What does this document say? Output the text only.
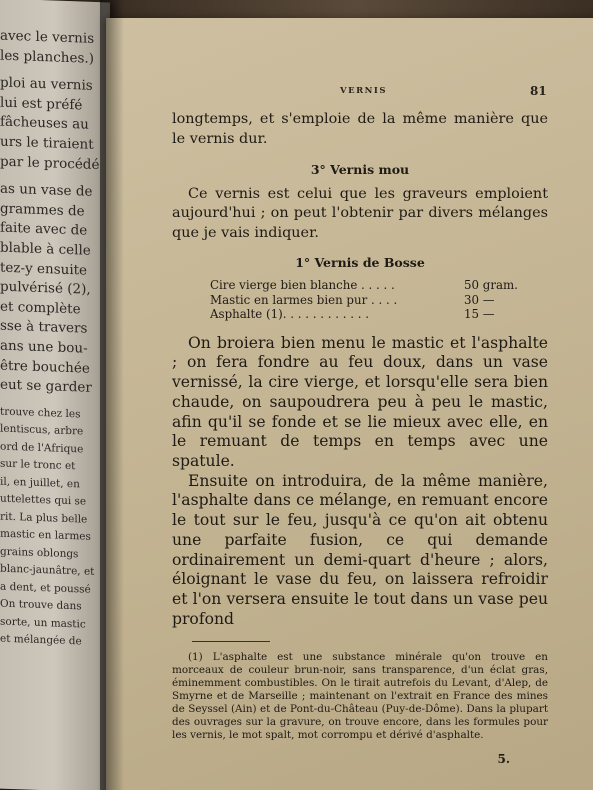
avec le vernis
les planches.)
ploi au vernis
lui est préfé
fâcheuses au
urs le tiraient
par le procédé
as un vase de
grammes de
faite avec de
blable à celle
tez-y ensuite
pulvérisé (2),
et complète
sse à travers
ans une bou-
être bouchée
eut se garder
trouve chez les
lentiscus, arbre
ord de l'Afrique
sur le tronc et
il, en juillet, en
uttelettes qui se
rit. La plus belle
mastic en larmes
grains oblongs
blanc-jaunâtre, et
a dent, et poussé
On trouve dans
sorte, un mastic
et mélangée de
VERNIS	81

longtemps, et s'emploie de la même manière que le vernis dur.

3° Vernis mou

Ce vernis est celui que les graveurs emploient aujourd'hui ; on peut l'obtenir par divers mélanges que je vais indiquer.

1° Vernis de Bosse

Cire vierge bien blanche . . . . .	50 gram.
Mastic en larmes bien pur . . . .	30 —
Asphalte (1). . . . . . . . . . . .	15 —

On broiera bien menu le mastic et l'asphalte ; on fera fondre au feu doux, dans un vase vernissé, la cire vierge, et lorsqu'elle sera bien chaude, on saupoudrera peu à peu le mastic, afin qu'il se fonde et se lie mieux avec elle, en le remuant de temps en temps avec une spatule.

Ensuite on introduira, de la même manière, l'asphalte dans ce mélange, en remuant encore le tout sur le feu, jusqu'à ce qu'on ait obtenu une parfaite fusion, ce qui demande ordinairement un demi-quart d'heure ; alors, éloignant le vase du feu, on laissera refroidir et l'on versera ensuite le tout dans un vase peu profond

(1) L'asphalte est une substance minérale qu'on trouve en morceaux de couleur brun-noir, sans transparence, d'un éclat gras, éminemment combustibles. On le tirait autrefois du Levant, d'Alep, de Smyrne et de Marseille ; maintenant on l'extrait en France des mines de Seyssel (Ain) et de Pont-du-Château (Puy-de-Dôme). Dans la plupart des ouvrages sur la gravure, on trouve encore, dans les formules pour les vernis, le mot spalt, mot corrompu et dérivé d'asphalte.

5.
